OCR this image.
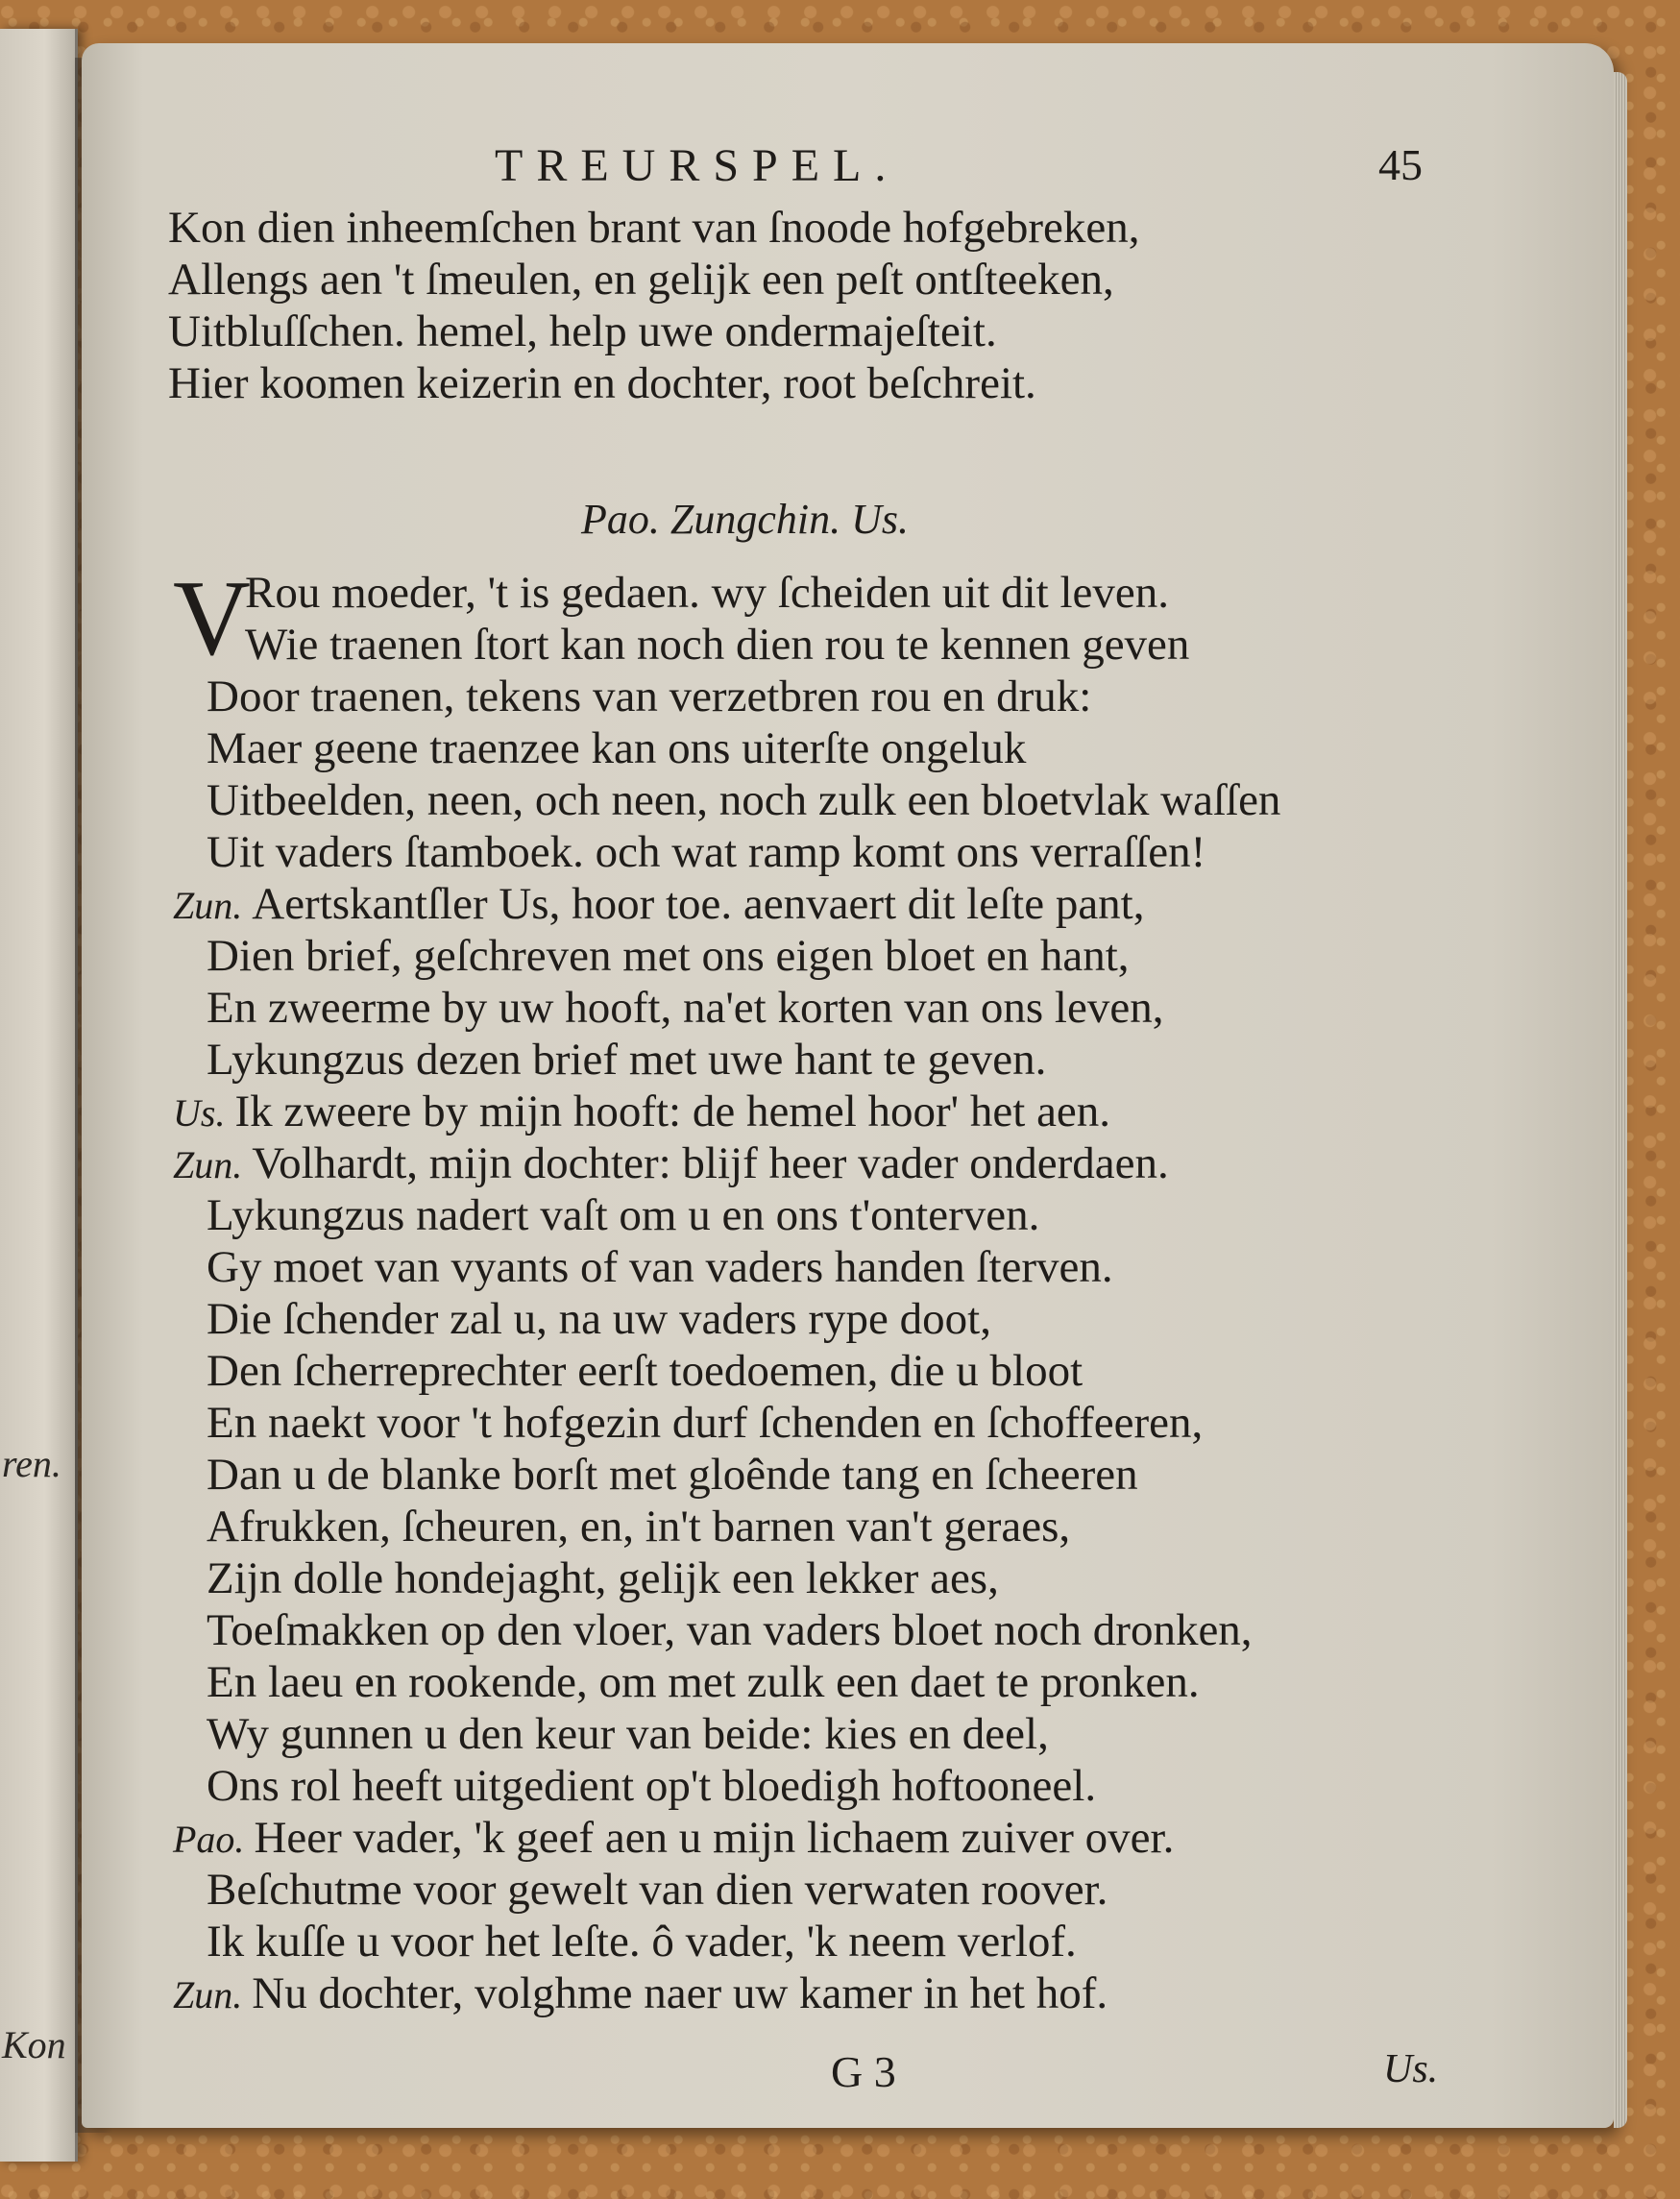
ren.
Kon
TREURSPEL.	45
Kon dien inheemſchen brant van ſnoode hofgebreken,
Allengs aen 't ſmeulen, en gelijk een peſt ontſteeken,
Uitbluſſchen. hemel, help uwe ondermajeſteit.
Hier koomen keizerin en dochter, root beſchreit.
Pao. Zungchin. Us.
V
Rou moeder, 't is gedaen. wy ſcheiden uit dit leven.
Wie traenen ſtort kan noch dien rou te kennen geven
Door traenen, tekens van verzetbren rou en druk:
Maer geene traenzee kan ons uiterſte ongeluk
Uitbeelden, neen, och neen, noch zulk een bloetvlak waſſen
Uit vaders ſtamboek. och wat ramp komt ons verraſſen!
Zun. Aertskantſler Us, hoor toe. aenvaert dit leſte pant,
Dien brief, geſchreven met ons eigen bloet en hant,
En zweerme by uw hooft, na'et korten van ons leven,
Lykungzus dezen brief met uwe hant te geven.
Us. Ik zweere by mijn hooft: de hemel hoor' het aen.
Zun. Volhardt, mijn dochter: blijf heer vader onderdaen.
Lykungzus nadert vaſt om u en ons t'onterven.
Gy moet van vyants of van vaders handen ſterven.
Die ſchender zal u, na uw vaders rype doot,
Den ſcherreprechter eerſt toedoemen, die u bloot
En naekt voor 't hofgezin durf ſchenden en ſchoffeeren,
Dan u de blanke borſt met gloênde tang en ſcheeren
Afrukken, ſcheuren, en, in't barnen van't geraes,
Zijn dolle hondejaght, gelijk een lekker aes,
Toeſmakken op den vloer, van vaders bloet noch dronken,
En laeu en rookende, om met zulk een daet te pronken.
Wy gunnen u den keur van beide: kies en deel,
Ons rol heeft uitgedient op't bloedigh hoftooneel.
Pao. Heer vader, 'k geef aen u mijn lichaem zuiver over.
Beſchutme voor gewelt van dien verwaten roover.
Ik kuſſe u voor het leſte. ô vader, 'k neem verlof.
Zun. Nu dochter, volghme naer uw kamer in het hof.
G 3	Us.
